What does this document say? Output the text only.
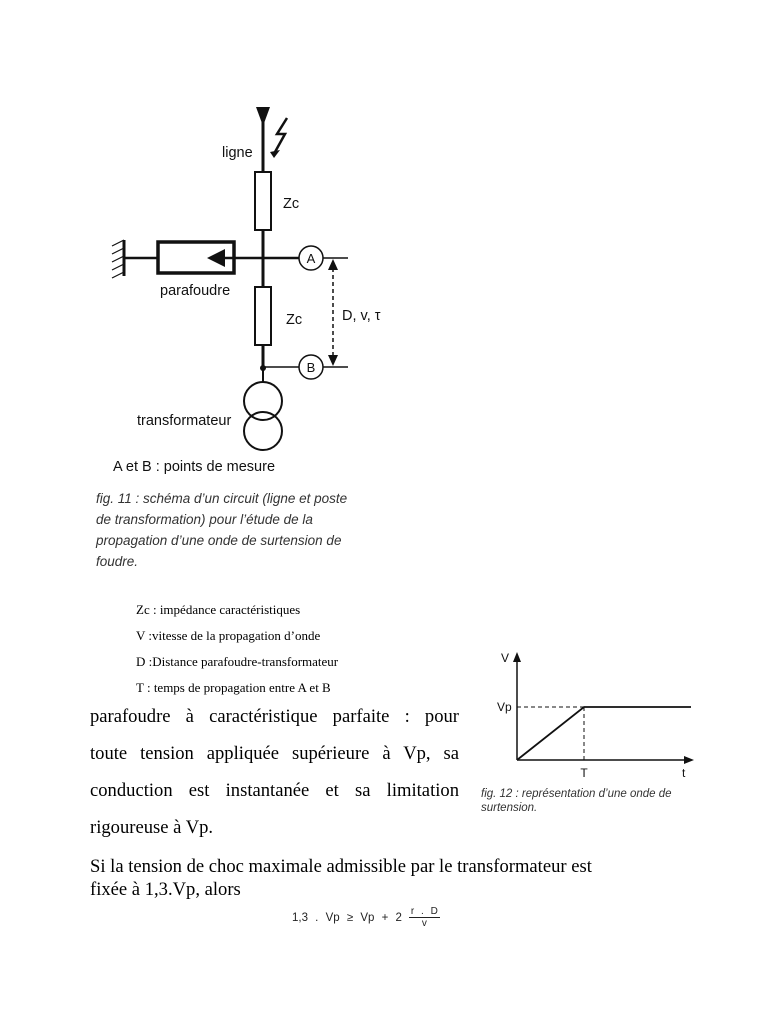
ligne
Zc
parafoudre
Zc
A
B
D, v, τ
transformateur
A et B : points de mesure
fig. 11 : schéma d’un circuit (ligne et poste
de transformation) pour l’étude de la
propagation d’une onde de surtension de
foudre.
Zc : impédance caractéristiques
V :vitesse de la propagation d’onde
D :Distance parafoudre-transformateur
T : temps de propagation entre A et B
V
Vp
T	t
fig. 12 : représentation d’une onde de
surtension.
parafoudre à caractéristique parfaite : pour
toute tension appliquée supérieure à Vp, sa
conduction est instantanée et sa limitation
rigoureuse à Vp.
Si la tension de choc maximale admissible par le transformateur est
fixée à 1,3.Vp, alors
1,3 . $Vp \ge Vp + 2 \frac{r . D}{v}$
